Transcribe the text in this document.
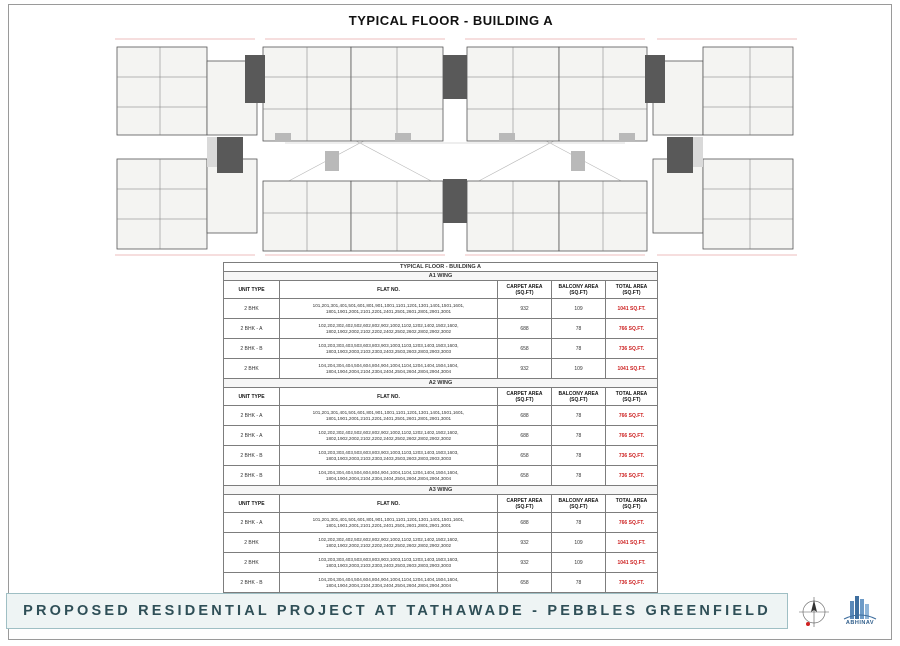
TYPICAL FLOOR - BUILDING A
TYPICAL FLOOR - BUILDING A				
A1 WING				
UNIT TYPE	FLAT NO.	CARPET AREA (SQ.FT)	BALCONY AREA (SQ.FT)	TOTAL AREA (SQ.FT)
2 BHK	101,201,301,401,501,601,801,901,1001,1101,1201,1301,1401,1501,1601, 1801,1901,2001,2101,2201,2401,2501,2601,2801,2901,3001	932	109	1041 SQ.FT.
2 BHK - A	102,202,302,402,502,602,802,902,1002,1102,1202,1402,1502,1602, 1802,1902,2002,2102,2202,2402,2502,2602,2802,2902,3002	688	78	766 SQ.FT.
2 BHK - B	103,203,303,403,503,603,803,903,1003,1103,1203,1403,1503,1603, 1803,1903,2003,2103,2303,2403,2503,2603,2803,2903,3003	658	78	736 SQ.FT.
2 BHK	104,204,304,404,504,604,804,904,1004,1104,1204,1404,1504,1604, 1804,1904,2004,2104,2304,2404,2504,2604,2804,2904,3004	932	109	1041 SQ.FT.
A2 WING				
UNIT TYPE	FLAT NO.	CARPET AREA (SQ.FT)	BALCONY AREA (SQ.FT)	TOTAL AREA (SQ.FT)
2 BHK - A	101,201,301,401,501,601,801,901,1001,1101,1201,1301,1401,1501,1601, 1801,1901,2001,2101,2201,2401,2501,2601,2801,2901,3001	688	78	766 SQ.FT.
2 BHK - A	102,202,302,402,502,602,802,902,1002,1102,1202,1402,1502,1602, 1802,1902,2002,2102,2202,2402,2502,2602,2802,2902,3002	688	78	766 SQ.FT.
2 BHK - B	103,203,303,403,503,603,803,903,1003,1103,1203,1403,1503,1603, 1803,1903,2003,2103,2303,2403,2503,2603,2803,2903,3003	658	78	736 SQ.FT.
2 BHK - B	104,204,304,404,504,604,804,904,1004,1104,1204,1404,1504,1604, 1804,1904,2004,2104,2304,2404,2504,2604,2804,2904,3004	658	78	736 SQ.FT.
A3 WING				
UNIT TYPE	FLAT NO.	CARPET AREA (SQ.FT)	BALCONY AREA (SQ.FT)	TOTAL AREA (SQ.FT)
2 BHK - A	101,201,301,401,501,601,801,901,1001,1101,1201,1301,1401,1501,1601, 1801,1901,2001,2101,2201,2401,2501,2601,2801,2901,3001	688	78	766 SQ.FT.
2 BHK	102,202,302,402,502,602,802,902,1002,1102,1202,1402,1502,1602, 1802,1902,2002,2102,2202,2402,2502,2602,2802,2902,3002	932	109	1041 SQ.FT.
2 BHK	103,203,303,403,503,603,803,903,1003,1103,1203,1403,1503,1603, 1803,1903,2003,2103,2303,2403,2503,2603,2803,2903,3003	932	109	1041 SQ.FT.
2 BHK - B	104,204,304,404,504,604,804,904,1004,1104,1204,1404,1504,1604, 1804,1904,2004,2104,2304,2404,2504,2604,2804,2904,3004	658	78	736 SQ.FT.
PROPOSED RESIDENTIAL PROJECT AT TATHAWADE - PEBBLES GREENFIELD
ABHINAV
